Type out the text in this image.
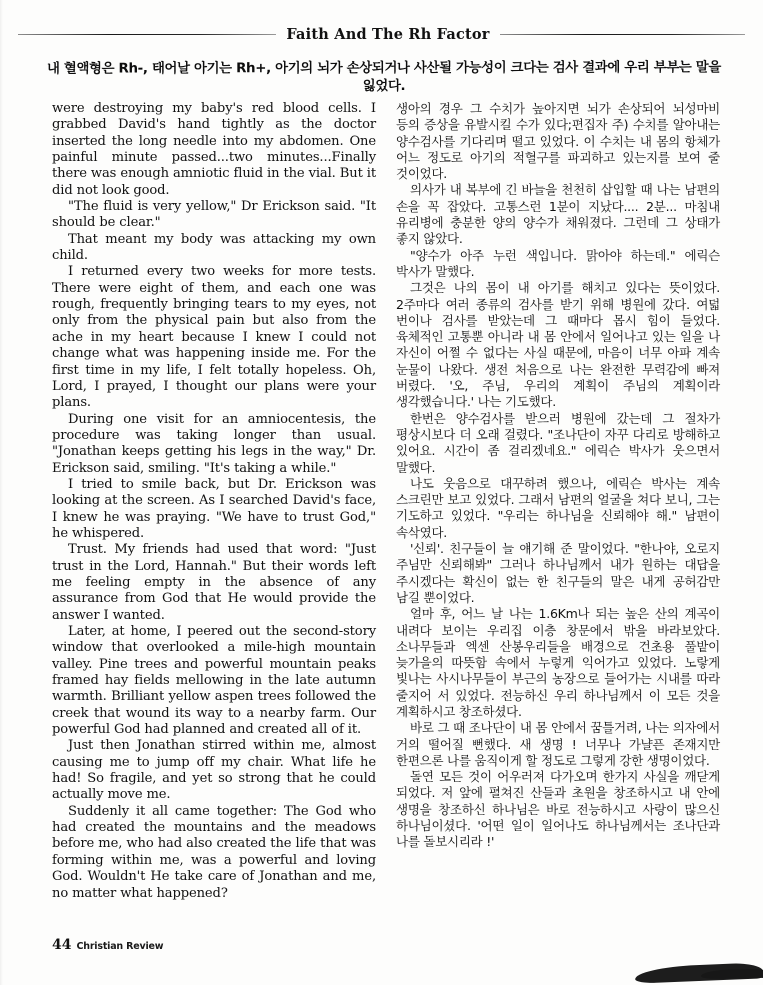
Faith And The Rh Factor
내 혈액형은 Rh-, 태어날 아기는 Rh+, 아기의 뇌가 손상되거나 사산될 가능성이 크다는 검사 결과에 우리 부부는 말을 잃었다.

were destroying my baby's red blood cells. I grabbed David's hand tightly as the doctor inserted the long needle into my abdomen. One painful minute passed...two minutes...Finally there was enough amniotic fluid in the vial. But it did not look good.

"The fluid is very yellow," Dr Erickson said. "It should be clear."

That meant my body was attacking my own child.

I returned every two weeks for more tests. There were eight of them, and each one was rough, frequently bringing tears to my eyes, not only from the physical pain but also from the ache in my heart because I knew I could not change what was happening inside me. For the first time in my life, I felt totally hopeless. Oh, Lord, I prayed, I thought our plans were your plans.

During one visit for an amniocentesis, the procedure was taking longer than usual. "Jonathan keeps getting his legs in the way," Dr. Erickson said, smiling. "It's taking a while."

I tried to smile back, but Dr. Erickson was looking at the screen. As I searched David's face, I knew he was praying. "We have to trust God," he whispered.

Trust. My friends had used that word: "Just trust in the Lord, Hannah." But their words left me feeling empty in the absence of any assurance from God that He would provide the answer I wanted.

Later, at home, I peered out the second-story window that overlooked a mile-high mountain valley. Pine trees and powerful mountain peaks framed hay fields mellowing in the late autumn warmth. Brilliant yellow aspen trees followed the creek that wound its way to a nearby farm. Our powerful God had planned and created all of it.

Just then Jonathan stirred within me, almost causing me to jump off my chair. What life he had! So fragile, and yet so strong that he could actually move me.

Suddenly it all came together: The God who had created the mountains and the meadows before me, who had also created the life that was forming within me, was a powerful and loving God. Wouldn't He take care of Jonathan and me, no matter what happened?

생아의 경우 그 수치가 높아지면 뇌가 손상되어 뇌성마비 등의 증상을 유발시킬 수가 있다;편집자 주) 수치를 알아내는 양수검사를 기다리며 떨고 있었다. 이 수치는 내 몸의 항체가 어느 정도로 아기의 적혈구를 파괴하고 있는지를 보여 줄 것이었다.

의사가 내 복부에 긴 바늘을 천천히 삽입할 때 나는 남편의 손을 꼭 잡았다. 고통스런 1분이 지났다.... 2분... 마침내 유리병에 충분한 양의 양수가 채워졌다. 그런데 그 상태가 좋지 않았다.

"양수가 아주 누런 색입니다. 맑아야 하는데." 에릭슨 박사가 말했다.

그것은 나의 몸이 내 아기를 해치고 있다는 뜻이었다. 2주마다 여러 종류의 검사를 받기 위해 병원에 갔다. 여덟 번이나 검사를 받았는데 그 때마다 몹시 힘이 들었다. 육체적인 고통뿐 아니라 내 몸 안에서 일어나고 있는 일을 나 자신이 어쩔 수 없다는 사실 때문에, 마음이 너무 아파 계속 눈물이 나왔다. 생전 처음으로 나는 완전한 무력감에 빠져 버렸다. '오, 주님, 우리의 계획이 주님의 계획이라 생각했습니다.' 나는 기도했다.

한번은 양수검사를 받으러 병원에 갔는데 그 절차가 평상시보다 더 오래 걸렸다. "조나단이 자꾸 다리로 방해하고 있어요. 시간이 좀 걸리겠네요." 에릭슨 박사가 웃으면서 말했다.

나도 웃음으로 대꾸하려 했으나, 에릭슨 박사는 계속 스크린만 보고 있었다. 그래서 남편의 얼굴을 쳐다 보니, 그는 기도하고 있었다. "우리는 하나님을 신뢰해야 해." 남편이 속삭였다.

'신뢰'. 친구들이 늘 얘기해 준 말이었다. "한나야, 오로지 주님만 신뢰해봐" 그러나 하나님께서 내가 원하는 대답을 주시겠다는 확신이 없는 한 친구들의 말은 내게 공허감만 남길 뿐이었다.

얼마 후, 어느 날 나는 1.6Km나 되는 높은 산의 계곡이 내려다 보이는 우리집 이층 창문에서 밖을 바라보았다. 소나무들과 엑센 산봉우리들을 배경으로 건초용 풀밭이 늦가을의 따뜻함 속에서 누렇게 익어가고 있었다. 노랗게 빛나는 사시나무들이 부근의 농장으로 들어가는 시내를 따라 줄지어 서 있었다. 전능하신 우리 하나님께서 이 모든 것을 계획하시고 창조하셨다.

바로 그 때 조나단이 내 몸 안에서 꿈틀거려, 나는 의자에서 거의 떨어질 뻔했다. 새 생명 ! 너무나 가냘픈 존재지만 한편으론 나를 움직이게 할 정도로 그렇게 강한 생명이었다.

돌연 모든 것이 어우러져 다가오며 한가지 사실을 깨닫게 되었다. 저 앞에 펼쳐진 산들과 초원을 창조하시고 내 안에 생명을 창조하신 하나님은 바로 전능하시고 사랑이 많으신 하나님이셨다. '어떤 일이 일어나도 하나님께서는 조나단과 나를 돌보시리라 !'

44 Christian Review
